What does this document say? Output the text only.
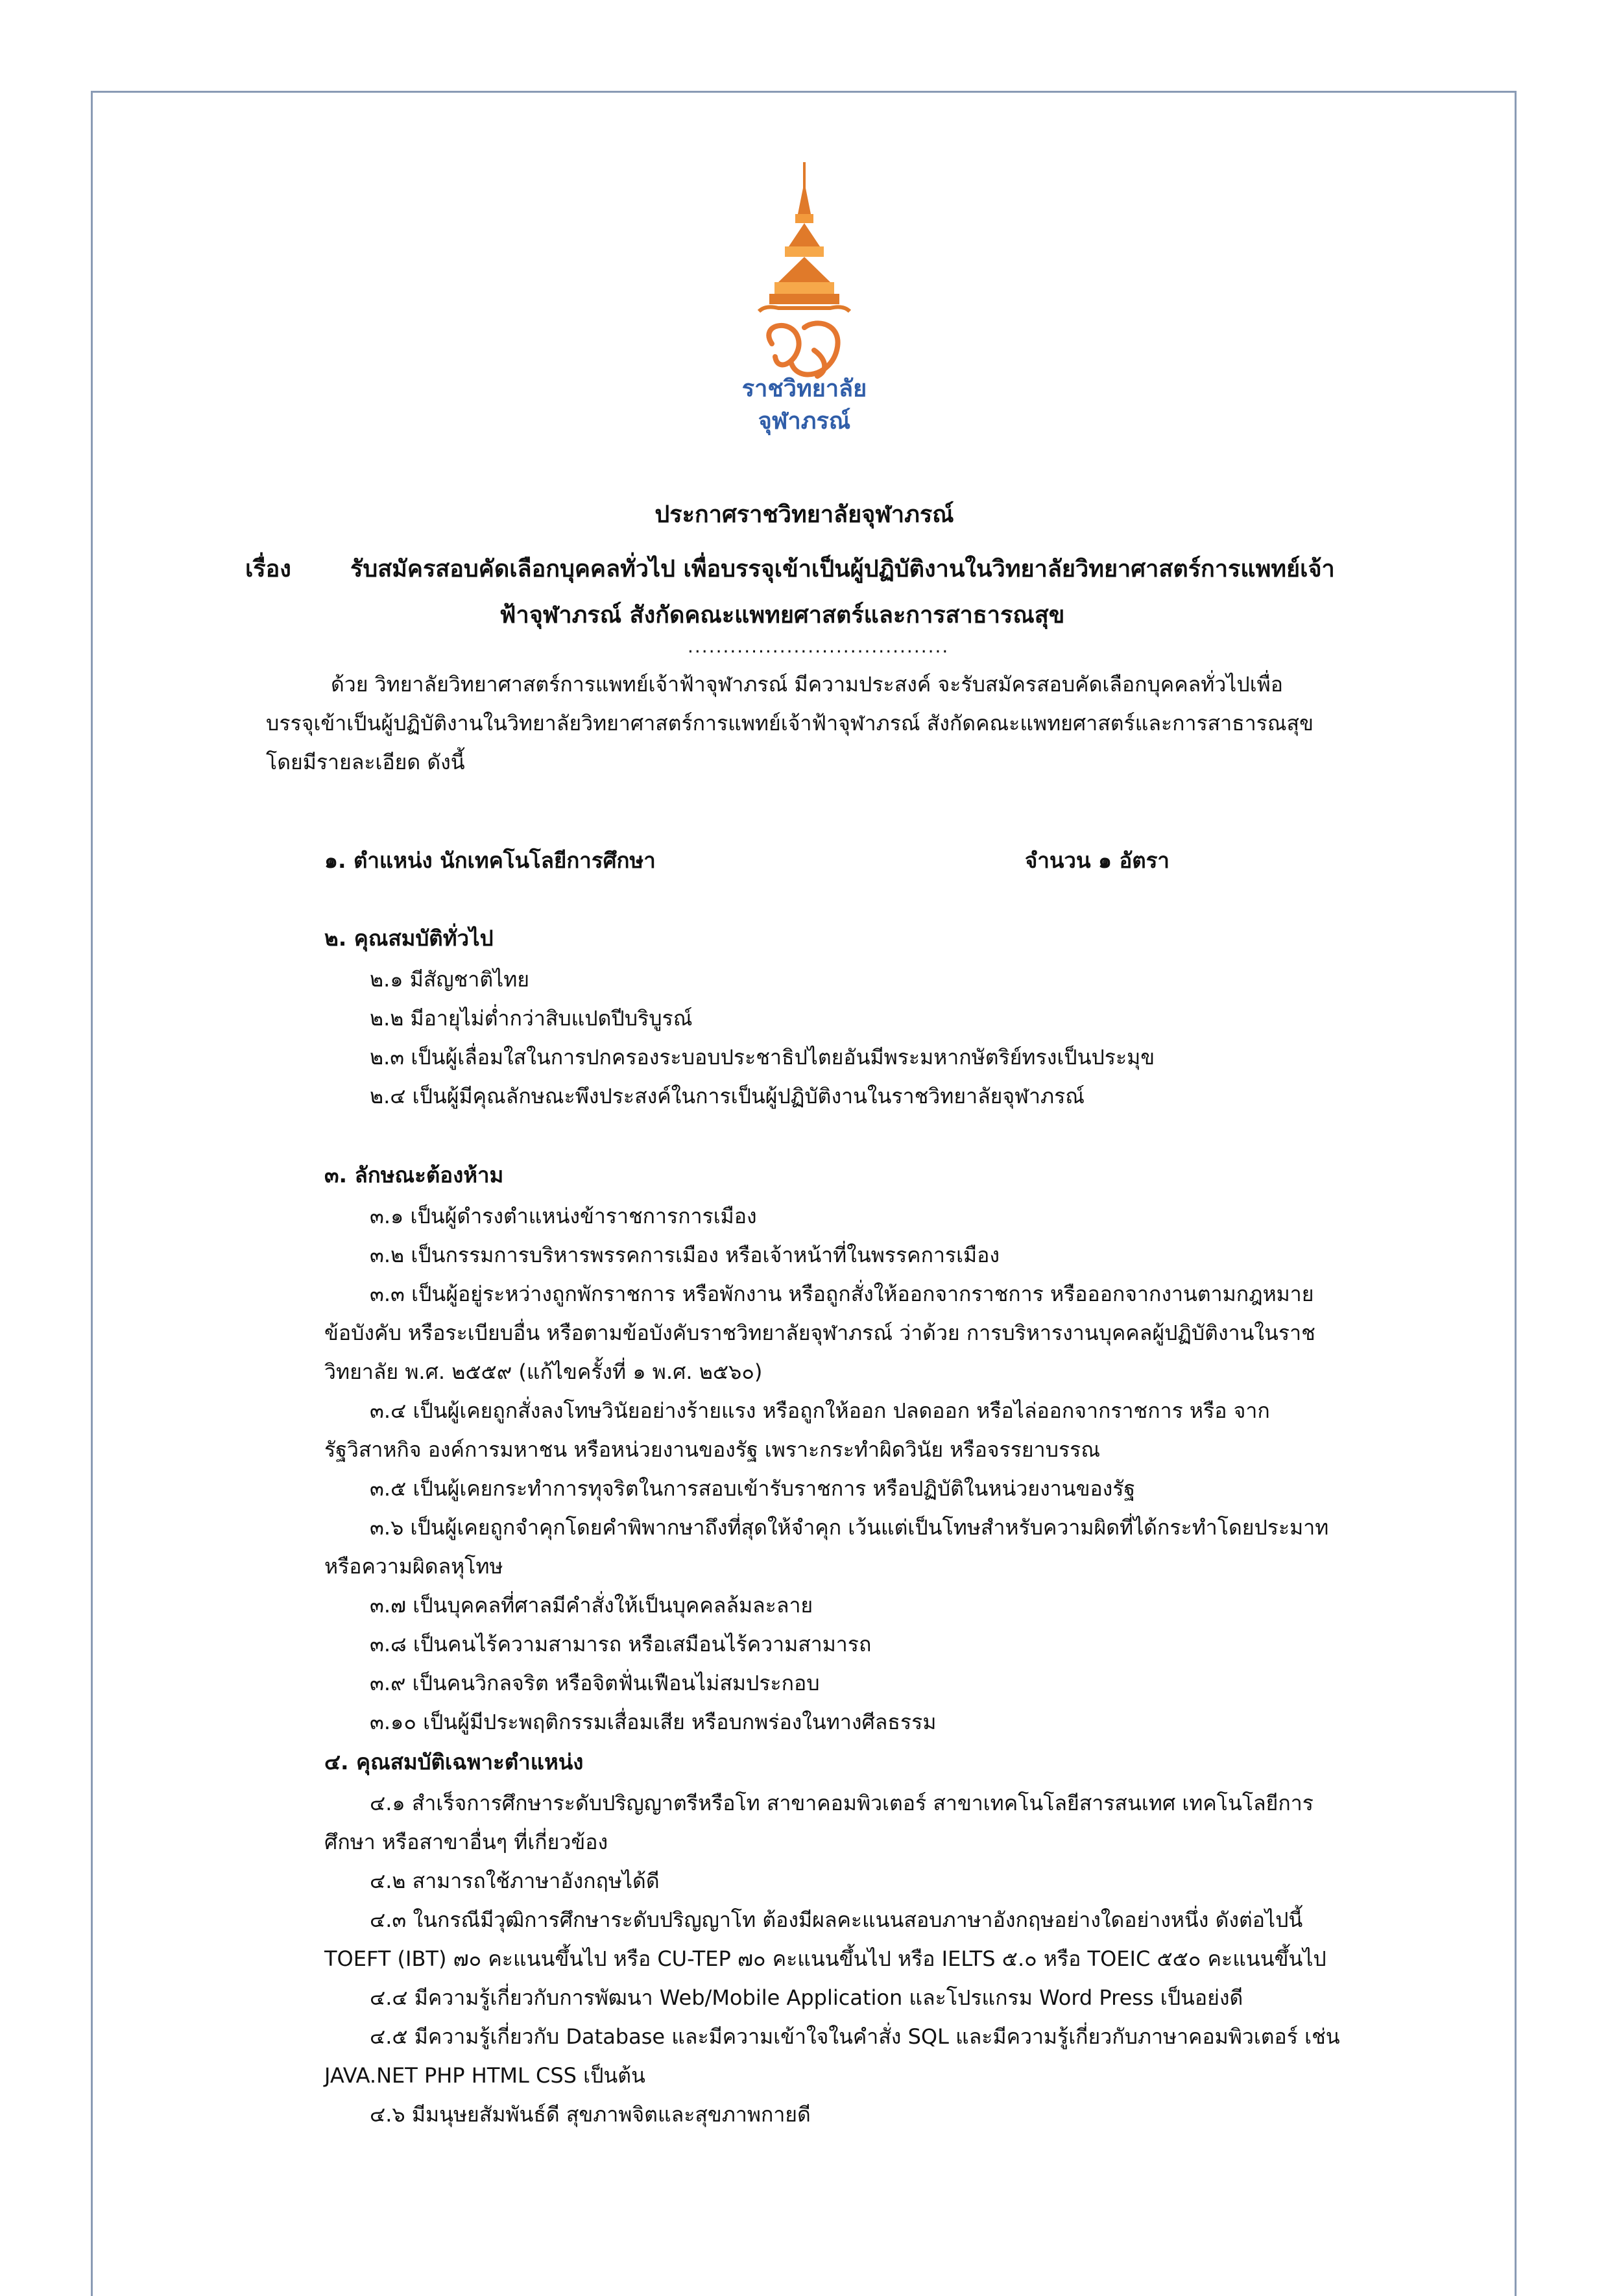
ราชวิทยาลัย
จุฬาภรณ์
ประกาศราชวิทยาลัยจุฬาภรณ์
เรื่อง	รับสมัครสอบคัดเลือกบุคคลทั่วไป เพื่อบรรจุเข้าเป็นผู้ปฏิบัติงานในวิทยาลัยวิทยาศาสตร์การแพทย์เจ้า
ฟ้าจุฬาภรณ์ สังกัดคณะแพทยศาสตร์และการสาธารณสุข
.....................................
ด้วย วิทยาลัยวิทยาศาสตร์การแพทย์เจ้าฟ้าจุฬาภรณ์ มีความประสงค์ จะรับสมัครสอบคัดเลือกบุคคลทั่วไปเพื่อ
บรรจุเข้าเป็นผู้ปฏิบัติงานในวิทยาลัยวิทยาศาสตร์การแพทย์เจ้าฟ้าจุฬาภรณ์ สังกัดคณะแพทยศาสตร์และการสาธารณสุข
โดยมีรายละเอียด ดังนี้
๑. ตำแหน่ง นักเทคโนโลยีการศึกษา	จำนวน ๑ อัตรา
๒. คุณสมบัติทั่วไป
๒.๑ มีสัญชาติไทย
๒.๒ มีอายุไม่ต่ำกว่าสิบแปดปีบริบูรณ์
๒.๓ เป็นผู้เลื่อมใสในการปกครองระบอบประชาธิปไตยอันมีพระมหากษัตริย์ทรงเป็นประมุข
๒.๔ เป็นผู้มีคุณลักษณะพึงประสงค์ในการเป็นผู้ปฏิบัติงานในราชวิทยาลัยจุฬาภรณ์
๓. ลักษณะต้องห้าม
๓.๑ เป็นผู้ดำรงตำแหน่งข้าราชการการเมือง
๓.๒ เป็นกรรมการบริหารพรรคการเมือง หรือเจ้าหน้าที่ในพรรคการเมือง
๓.๓ เป็นผู้อยู่ระหว่างถูกพักราชการ หรือพักงาน หรือถูกสั่งให้ออกจากราชการ หรือออกจากงานตามกฎหมาย
ข้อบังคับ หรือระเบียบอื่น หรือตามข้อบังคับราชวิทยาลัยจุฬาภรณ์ ว่าด้วย การบริหารงานบุคคลผู้ปฏิบัติงานในราช
วิทยาลัย พ.ศ. ๒๕๕๙ (แก้ไขครั้งที่ ๑ พ.ศ. ๒๕๖๐)
๓.๔ เป็นผู้เคยถูกสั่งลงโทษวินัยอย่างร้ายแรง หรือถูกให้ออก ปลดออก หรือไล่ออกจากราชการ หรือ จาก
รัฐวิสาหกิจ องค์การมหาชน หรือหน่วยงานของรัฐ เพราะกระทำผิดวินัย หรือจรรยาบรรณ
๓.๕ เป็นผู้เคยกระทำการทุจริตในการสอบเข้ารับราชการ หรือปฏิบัติในหน่วยงานของรัฐ
๓.๖ เป็นผู้เคยถูกจำคุกโดยคำพิพากษาถึงที่สุดให้จำคุก เว้นแต่เป็นโทษสำหรับความผิดที่ได้กระทำโดยประมาท
หรือความผิดลหุโทษ
๓.๗ เป็นบุคคลที่ศาลมีคำสั่งให้เป็นบุคคลล้มละลาย
๓.๘ เป็นคนไร้ความสามารถ หรือเสมือนไร้ความสามารถ
๓.๙ เป็นคนวิกลจริต หรือจิตฟั่นเฟือนไม่สมประกอบ
๓.๑๐ เป็นผู้มีประพฤติกรรมเสื่อมเสีย หรือบกพร่องในทางศีลธรรม
๔. คุณสมบัติเฉพาะตำแหน่ง
๔.๑ สำเร็จการศึกษาระดับปริญญาตรีหรือโท สาขาคอมพิวเตอร์ สาขาเทคโนโลยีสารสนเทศ เทคโนโลยีการ
ศึกษา หรือสาขาอื่นๆ ที่เกี่ยวข้อง
๔.๒ สามารถใช้ภาษาอังกฤษได้ดี
๔.๓ ในกรณีมีวุฒิการศึกษาระดับปริญญาโท ต้องมีผลคะแนนสอบภาษาอังกฤษอย่างใดอย่างหนึ่ง ดังต่อไปนี้
TOEFT (IBT) ๗๐ คะแนนขึ้นไป หรือ CU-TEP ๗๐ คะแนนขึ้นไป หรือ IELTS ๕.๐ หรือ TOEIC ๕๕๐ คะแนนขึ้นไป
๔.๔ มีความรู้เกี่ยวกับการพัฒนา Web/Mobile Application และโปรแกรม Word Press เป็นอย่งดี
๔.๕ มีความรู้เกี่ยวกับ Database และมีความเข้าใจในคำสั่ง SQL และมีความรู้เกี่ยวกับภาษาคอมพิวเตอร์ เช่น
JAVA.NET PHP HTML CSS เป็นต้น
๔.๖ มีมนุษยสัมพันธ์ดี สุขภาพจิตและสุขภาพกายดี
